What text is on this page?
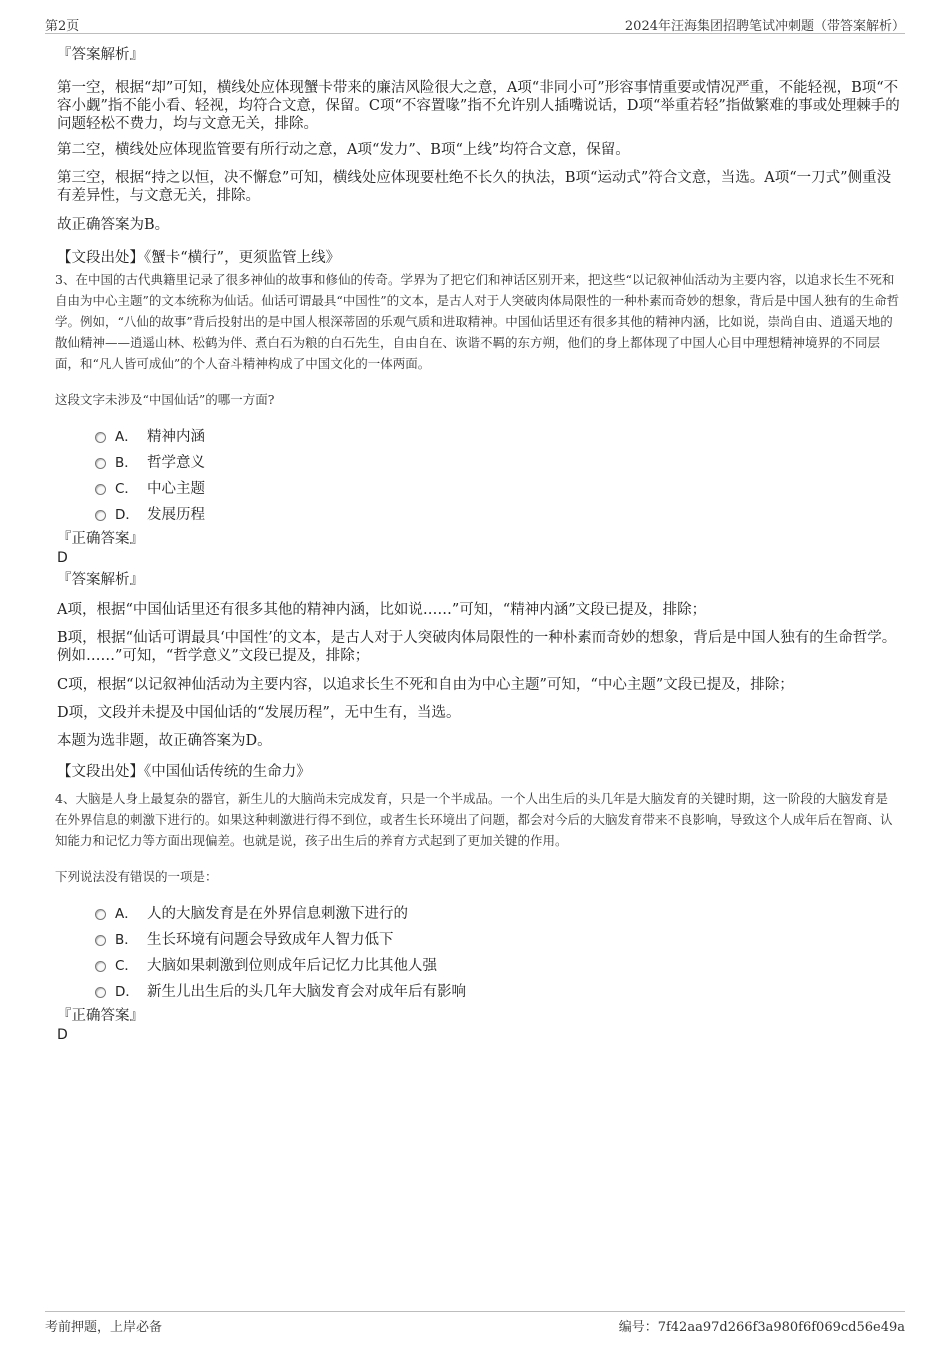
第2页	2024年汪海集团招聘笔试冲刺题（带答案解析）

『答案解析』

第一空，根据“却”可知，横线处应体现蟹卡带来的廉洁风险很大之意，A项“非同小可”形容事情重要或情况严重，不能轻视，B项“不容小觑”指不能小看、轻视，均符合文意，保留。C项“不容置喙”指不允许别人插嘴说话，D项“举重若轻”指做繁难的事或处理棘手的问题轻松不费力，均与文意无关，排除。

第二空，横线处应体现监管要有所行动之意，A项“发力”、B项“上线”均符合文意，保留。

第三空，根据“持之以恒，决不懈怠”可知，横线处应体现要杜绝不长久的执法，B项“运动式”符合文意，当选。A项“一刀式”侧重没有差异性，与文意无关，排除。

故正确答案为B。

【文段出处】《蟹卡“横行”，更须监管上线》

3、在中国的古代典籍里记录了很多神仙的故事和修仙的传奇。学界为了把它们和神话区别开来，把这些“以记叙神仙活动为主要内容，以追求长生不死和自由为中心主题”的文本统称为仙话。仙话可谓最具“中国性”的文本，是古人对于人突破肉体局限性的一种朴素而奇妙的想象，背后是中国人独有的生命哲学。例如，“八仙的故事”背后投射出的是中国人根深蒂固的乐观气质和进取精神。中国仙话里还有很多其他的精神内涵，比如说，崇尚自由、逍遥天地的散仙精神——逍遥山林、松鹤为伴、煮白石为粮的白石先生，自由自在、诙谐不羁的东方朔，他们的身上都体现了中国人心目中理想精神境界的不同层面，和“凡人皆可成仙”的个人奋斗精神构成了中国文化的一体两面。

这段文字未涉及“中国仙话”的哪一方面?

A． 精神内涵
B． 哲学意义
C． 中心主题
D． 发展历程

『正确答案』

D

『答案解析』

A项，根据“中国仙话里还有很多其他的精神内涵，比如说……”可知，“精神内涵”文段已提及，排除；

B项，根据“仙话可谓最具‘中国性’的文本，是古人对于人突破肉体局限性的一种朴素而奇妙的想象，背后是中国人独有的生命哲学。例如……”可知，“哲学意义”文段已提及，排除；

C项，根据“以记叙神仙活动为主要内容，以追求长生不死和自由为中心主题”可知，“中心主题”文段已提及，排除；

D项，文段并未提及中国仙话的“发展历程”，无中生有，当选。

本题为选非题，故正确答案为D。

【文段出处】《中国仙话传统的生命力》

4、大脑是人身上最复杂的器官，新生儿的大脑尚未完成发育，只是一个半成品。一个人出生后的头几年是大脑发育的关键时期，这一阶段的大脑发育是在外界信息的刺激下进行的。如果这种刺激进行得不到位，或者生长环境出了问题，都会对今后的大脑发育带来不良影响，导致这个人成年后在智商、认知能力和记忆力等方面出现偏差。也就是说，孩子出生后的养育方式起到了更加关键的作用。

下列说法没有错误的一项是：

A． 人的大脑发育是在外界信息刺激下进行的
B． 生长环境有问题会导致成年人智力低下
C． 大脑如果刺激到位则成年后记忆力比其他人强
D． 新生儿出生后的头几年大脑发育会对成年后有影响

『正确答案』

D

考前押题，上岸必备	编号：7f42aa97d266f3a980f6f069cd56e49a
